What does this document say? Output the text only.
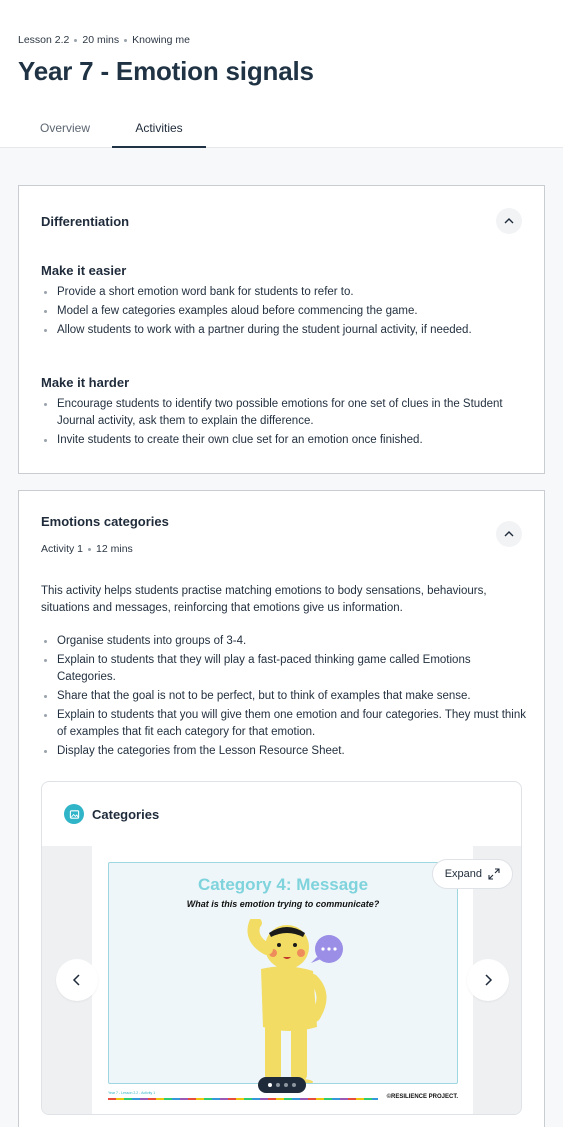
Lesson 2.2 20 mins Knowing me
Year 7 - Emotion signals
Overview	Activities
Differentiation
Make it easier
Provide a short emotion word bank for students to refer to.
Model a few categories examples aloud before commencing the game.
Allow students to work with a partner during the student journal activity, if needed.
Make it harder
Encourage students to identify two possible emotions for one set of clues in the Student Journal activity, ask them to explain the difference.
Invite students to create their own clue set for an emotion once finished.
Emotions categories
Activity 1 12 mins

This activity helps students practise matching emotions to body sensations, behaviours, situations and messages, reinforcing that emotions give us information.

Organise students into groups of 3-4.
Explain to students that they will play a fast-paced thinking game called Emotions Categories.
Share that the goal is not to be perfect, but to think of examples that make sense.
Explain to students that you will give them one emotion and four categories. They must think of examples that fit each category for that emotion.
Display the categories from the Lesson Resource Sheet.
Categories
Category 4: Message
What is this emotion trying to communicate?
Year 7 - Lesson 2.2 - Activity 1
©RESILIENCE PROJECT.
Expand
